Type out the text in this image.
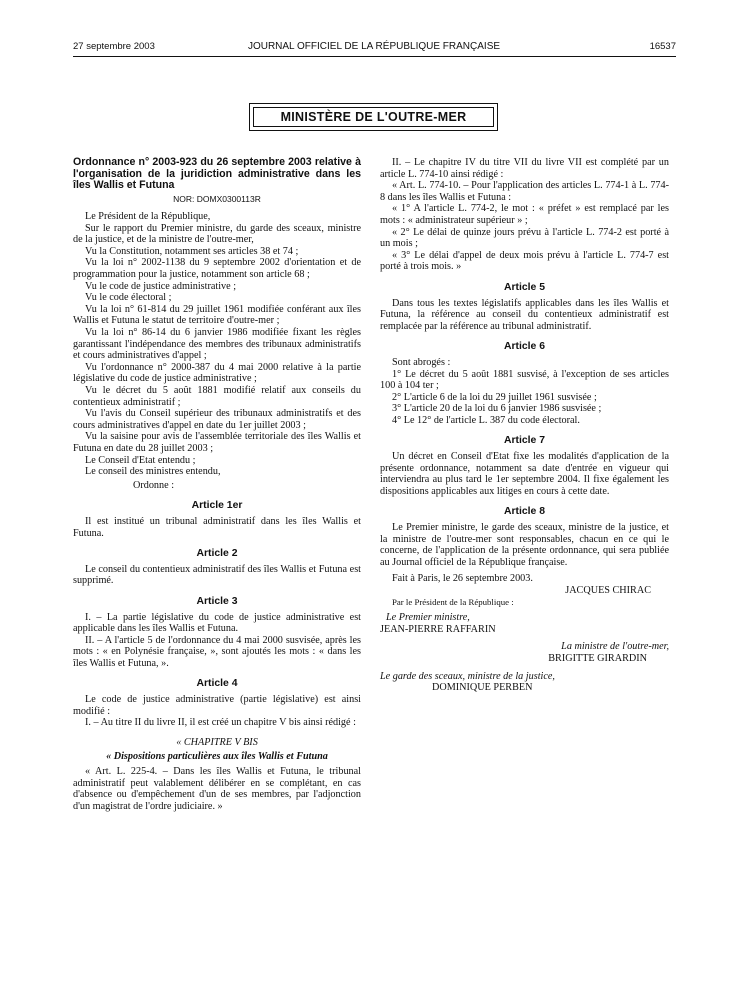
27 septembre 2003	JOURNAL OFFICIEL DE LA RÉPUBLIQUE FRANÇAISE	16537
MINISTÈRE DE L'OUTRE-MER

Ordonnance n° 2003-923 du 26 septembre 2003 relative à l'organisation de la juridiction administrative dans les îles Wallis et Futuna

NOR: DOMX0300113R

Le Président de la République,

Sur le rapport du Premier ministre, du garde des sceaux, ministre de la justice, et de la ministre de l'outre-mer,

Vu la Constitution, notamment ses articles 38 et 74 ;

Vu la loi n° 2002-1138 du 9 septembre 2002 d'orientation et de programmation pour la justice, notamment son article 68 ;

Vu le code de justice administrative ;

Vu le code électoral ;

Vu la loi n° 61-814 du 29 juillet 1961 modifiée conférant aux îles Wallis et Futuna le statut de territoire d'outre-mer ;

Vu la loi n° 86-14 du 6 janvier 1986 modifiée fixant les règles garantissant l'indépendance des membres des tribunaux administratifs et cours administratives d'appel ;

Vu l'ordonnance n° 2000-387 du 4 mai 2000 relative à la partie législative du code de justice administrative ;

Vu le décret du 5 août 1881 modifié relatif aux conseils du contentieux administratif ;

Vu l'avis du Conseil supérieur des tribunaux administratifs et des cours administratives d'appel en date du 1er juillet 2003 ;

Vu la saisine pour avis de l'assemblée territoriale des îles Wallis et Futuna en date du 28 juillet 2003 ;

Le Conseil d'Etat entendu ;

Le conseil des ministres entendu,

Ordonne :

Article 1er

Il est institué un tribunal administratif dans les îles Wallis et Futuna.

Article 2

Le conseil du contentieux administratif des îles Wallis et Futuna est supprimé.

Article 3

I. – La partie législative du code de justice administrative est applicable dans les îles Wallis et Futuna.

II. – A l'article 5 de l'ordonnance du 4 mai 2000 susvisée, après les mots : « en Polynésie française, », sont ajoutés les mots : « dans les îles Wallis et Futuna, ».

Article 4

Le code de justice administrative (partie législative) est ainsi modifié :

I. – Au titre II du livre II, il est créé un chapitre V bis ainsi rédigé :

« CHAPITRE V BIS

« Dispositions particulières aux îles Wallis et Futuna

« Art. L. 225-4. – Dans les îles Wallis et Futuna, le tribunal administratif peut valablement délibérer en se complétant, en cas d'absence ou d'empêchement d'un de ses membres, par l'adjonction d'un magistrat de l'ordre judiciaire. »

II. – Le chapitre IV du titre VII du livre VII est complété par un article L. 774-10 ainsi rédigé :

« Art. L. 774-10. – Pour l'application des articles L. 774-1 à L. 774-8 dans les îles Wallis et Futuna :

« 1° A l'article L. 774-2, le mot : « préfet » est remplacé par les mots : « administrateur supérieur » ;

« 2° Le délai de quinze jours prévu à l'article L. 774-2 est porté à un mois ;

« 3° Le délai d'appel de deux mois prévu à l'article L. 774-7 est porté à trois mois. »

Article 5

Dans tous les textes législatifs applicables dans les îles Wallis et Futuna, la référence au conseil du contentieux administratif est remplacée par la référence au tribunal administratif.

Article 6

Sont abrogés :

1° Le décret du 5 août 1881 susvisé, à l'exception de ses articles 100 à 104 ter ;

2° L'article 6 de la loi du 29 juillet 1961 susvisée ;

3° L'article 20 de la loi du 6 janvier 1986 susvisée ;

4° Le 12° de l'article L. 387 du code électoral.

Article 7

Un décret en Conseil d'Etat fixe les modalités d'application de la présente ordonnance, notamment sa date d'entrée en vigueur qui interviendra au plus tard le 1er septembre 2004. Il fixe également les dispositions applicables aux litiges en cours à cette date.

Article 8

Le Premier ministre, le garde des sceaux, ministre de la justice, et la ministre de l'outre-mer sont responsables, chacun en ce qui le concerne, de l'application de la présente ordonnance, qui sera publiée au Journal officiel de la République française.

Fait à Paris, le 26 septembre 2003.

JACQUES CHIRAC

Par le Président de la République :

Le Premier ministre,

JEAN-PIERRE RAFFARIN

La ministre de l'outre-mer,

BRIGITTE GIRARDIN

Le garde des sceaux, ministre de la justice,

DOMINIQUE PERBEN
